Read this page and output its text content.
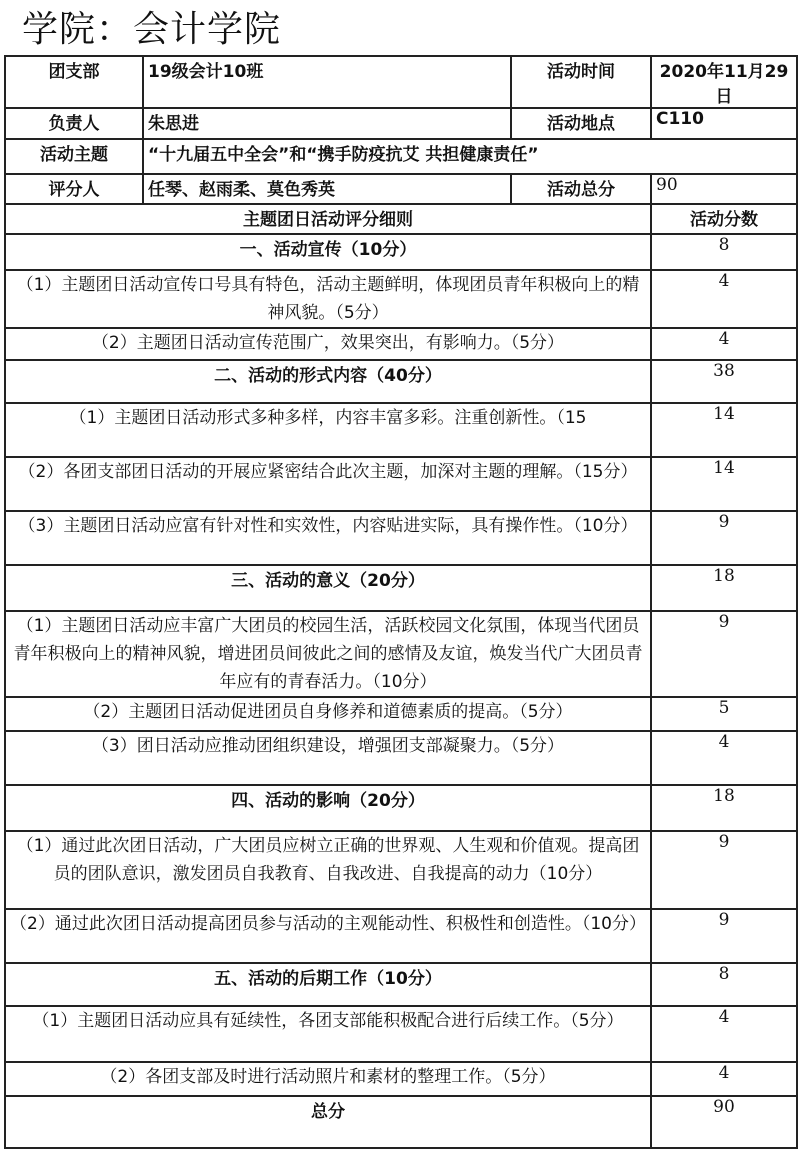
学院：会计学院
团支部	19级会计10班	活动时间	2020年11月29日
负责人	朱思进	活动地点	C110
活动主题	“十九届五中全会”和“携手防疫抗艾 共担健康责任”		
评分人	任琴、赵雨柔、莫色秀英	活动总分	90
主题团日活动评分细则			活动分数
一、活动宣传（10分）			8
（1）主题团日活动宣传口号具有特色，活动主题鲜明，体现团员青年积极向上的精神风貌。（5分）			4
（2）主题团日活动宣传范围广，效果突出，有影响力。（5分）			4
二、活动的形式内容（40分）			38
（1）主题团日活动形式多种多样，内容丰富多彩。注重创新性。（15			14
（2）各团支部团日活动的开展应紧密结合此次主题，加深对主题的理解。（15分）			14
（3）主题团日活动应富有针对性和实效性，内容贴进实际，具有操作性。（10分）			9
三、活动的意义（20分）			18
（1）主题团日活动应丰富广大团员的校园生活，活跃校园文化氛围，体现当代团员青年积极向上的精神风貌，增进团员间彼此之间的感情及友谊，焕发当代广大团员青年应有的青春活力。（10分）			9
（2）主题团日活动促进团员自身修养和道德素质的提高。（5分）			5
（3）团日活动应推动团组织建设，增强团支部凝聚力。（5分）			4
四、活动的影响（20分）			18
（1）通过此次团日活动，广大团员应树立正确的世界观、人生观和价值观。提高团员的团队意识，激发团员自我教育、自我改进、自我提高的动力（10分）			9
（2）通过此次团日活动提高团员参与活动的主观能动性、积极性和创造性。（10分）			9
五、活动的后期工作（10分）			8
（1）主题团日活动应具有延续性，各团支部能积极配合进行后续工作。（5分）			4
（2）各团支部及时进行活动照片和素材的整理工作。（5分）			4
总分			90
